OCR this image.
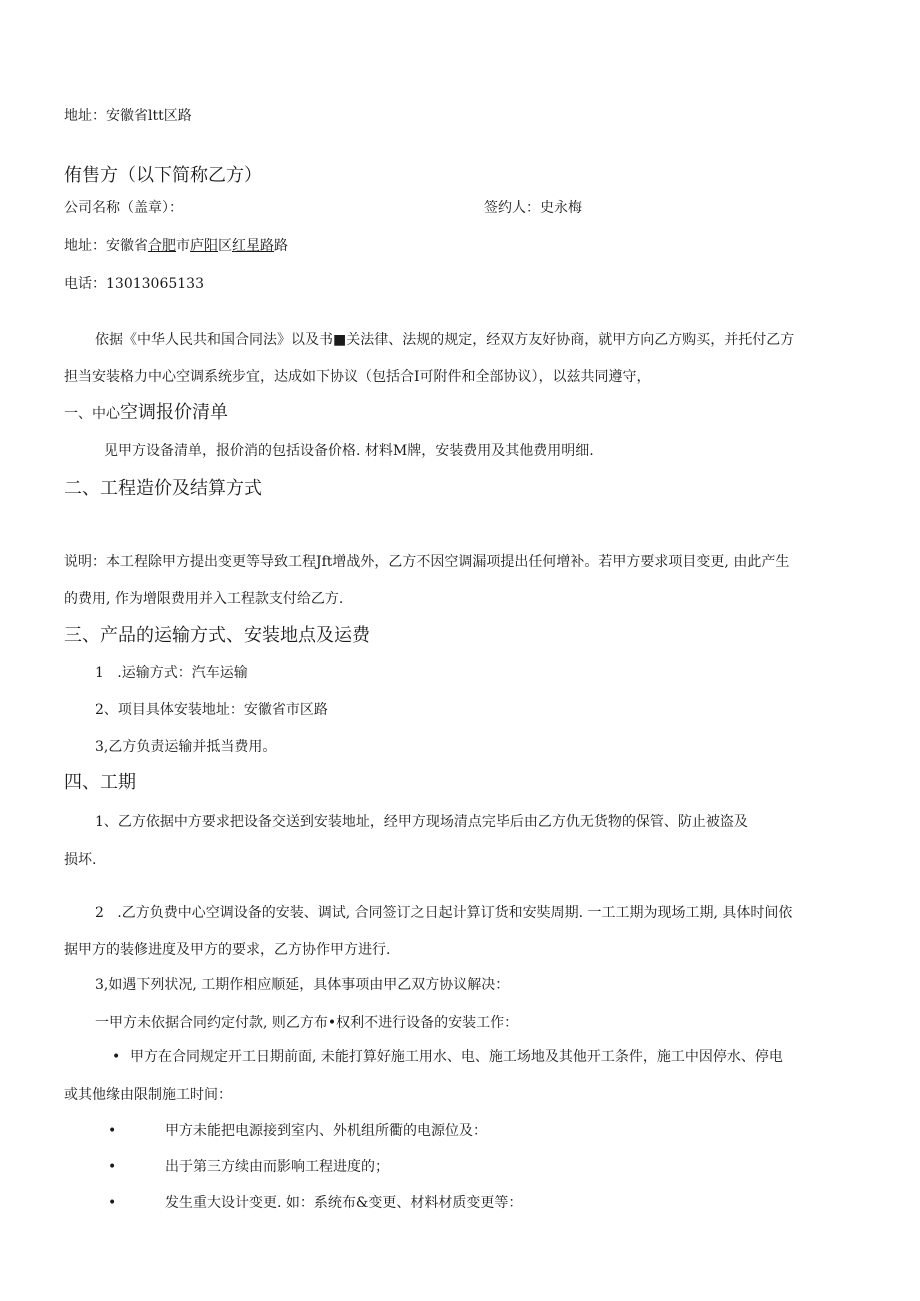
地址：安徽省ltt区路
侑售方（以下简称乙方）
公司名称（盖章）：	签约人：史永梅
地址：安徽省合肥市庐阳区红星路路
电话：13013065133
依据《中华人民共和国合同法》以及书■关法律、法规的规定，经双方友好协商，就甲方向乙方购买，并托付乙方
担当安装格力中心空调系统步宜，达成如下协议（包括合I可附件和全部协议），以兹共同遵守，
一、中心空调报价清单
见甲方设备清单，报价消的包括设备价格. 材料M牌，安装费用及其他费用明细.
二、工程造价及结算方式
说明：本工程除甲方提出变更等导致工程Jft增战外，乙方不因空调漏项提出任何增补。若甲方要求项目变更, 由此产生
的费用, 作为增限费用并入工程款支付给乙方.
三、产品的运输方式、安装地点及运费
1   .运输方式：汽车运输
2、项目具体安装地址：安徽省市区路
3,乙方负责运输并抵当费用。
四、工期
1、乙方依据中方要求把设备交送到安装地址，经甲方现场清点完毕后由乙方仇无货物的保管、防止被盗及
损坏.
2   .乙方负费中心空调设备的安装、调试, 合同签订之日起计算订货和安奘周期. 一工工期为现场工期, 具体时间依
据甲方的装修进度及甲方的要求，乙方协作甲方进行.
3,如遇下列状况, 工期作相应顺延，具体事项由甲乙双方协议解决：
一甲方未依据合同约定付款, 则乙方布•权利不进行设备的安装工作：
• 甲方在合同规定开工日期前面, 未能打算好施工用水、电、施工场地及其他开工条件，施工中因停水、停电
或其他缘由限制施工时间：
•	甲方未能把电源接到室内、外机组所衢的电源位及：
•	出于第三方续由而影响工程进度的；
•	发生重大设计变更. 如：系统布&变更、材料材质变更等：
